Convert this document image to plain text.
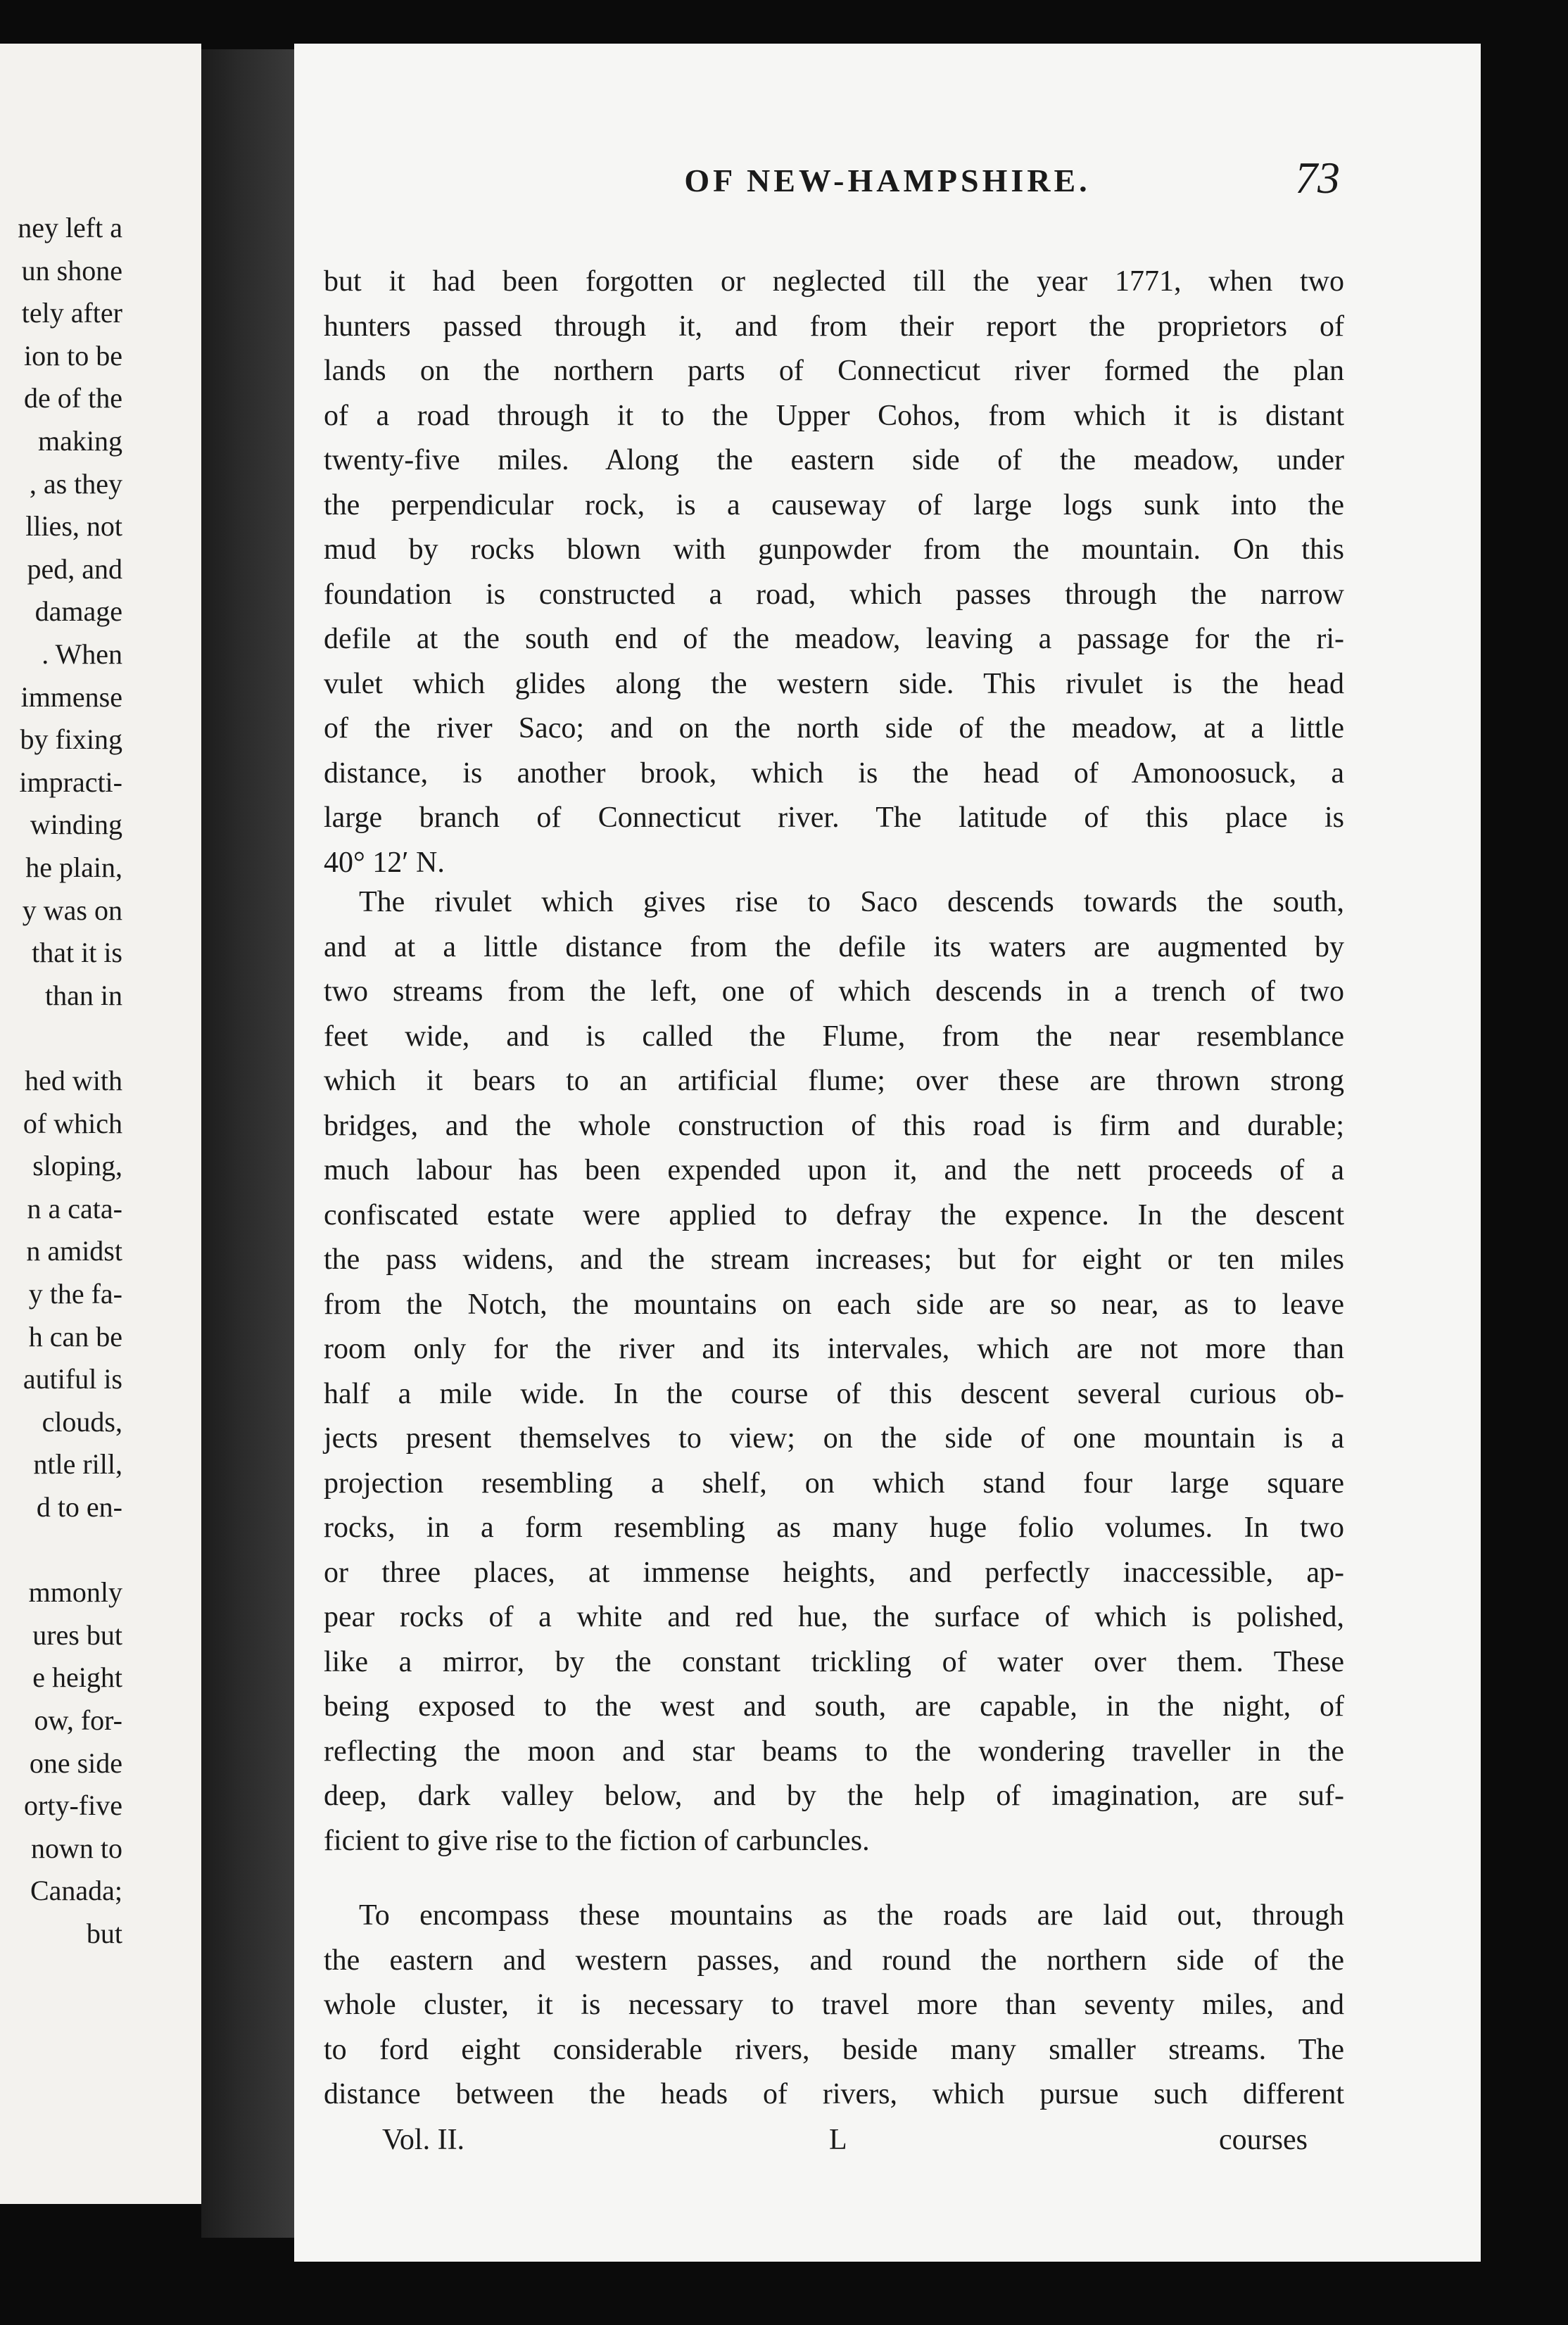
ney left a
un shone
tely after
ion to be
de of the
making
, as they
llies, not
ped, and
damage
. When
immense
by fixing
impracti-
winding
he plain,
y was on
that it is
than in
hed with
of which
sloping,
n a cata-
n amidst
y the fa-
h can be
autiful is
clouds,
ntle rill,
d to en-
mmonly
ures but
e height
ow, for-
one side
orty-five
nown to
Canada;
but
OF NEW-HAMPSHIRE.	73
but it had been forgotten or neglected till the year 1771, when two
hunters passed through it, and from their report the proprietors of
lands on the northern parts of Connecticut river formed the plan
of a road through it to the Upper Cohos, from which it is distant
twenty-five miles. Along the eastern side of the meadow, under
the perpendicular rock, is a causeway of large logs sunk into the
mud by rocks blown with gunpowder from the mountain. On this
foundation is constructed a road, which passes through the narrow
defile at the south end of the meadow, leaving a passage for the ri-
vulet which glides along the western side. This rivulet is the head
of the river Saco; and on the north side of the meadow, at a little
distance, is another brook, which is the head of Amonoosuck, a
large branch of Connecticut river. The latitude of this place is
40° 12′ N.
The rivulet which gives rise to Saco descends towards the south,
and at a little distance from the defile its waters are augmented by
two streams from the left, one of which descends in a trench of two
feet wide, and is called the Flume, from the near resemblance
which it bears to an artificial flume; over these are thrown strong
bridges, and the whole construction of this road is firm and durable;
much labour has been expended upon it, and the nett proceeds of a
confiscated estate were applied to defray the expence. In the descent
the pass widens, and the stream increases; but for eight or ten miles
from the Notch, the mountains on each side are so near, as to leave
room only for the river and its intervales, which are not more than
half a mile wide. In the course of this descent several curious ob-
jects present themselves to view; on the side of one mountain is a
projection resembling a shelf, on which stand four large square
rocks, in a form resembling as many huge folio volumes. In two
or three places, at immense heights, and perfectly inaccessible, ap-
pear rocks of a white and red hue, the surface of which is polished,
like a mirror, by the constant trickling of water over them. These
being exposed to the west and south, are capable, in the night, of
reflecting the moon and star beams to the wondering traveller in the
deep, dark valley below, and by the help of imagination, are suf-
ficient to give rise to the fiction of carbuncles.
To encompass these mountains as the roads are laid out, through
the eastern and western passes, and round the northern side of the
whole cluster, it is necessary to travel more than seventy miles, and
to ford eight considerable rivers, beside many smaller streams. The
distance between the heads of rivers, which pursue such different
Vol. II.	L	courses
